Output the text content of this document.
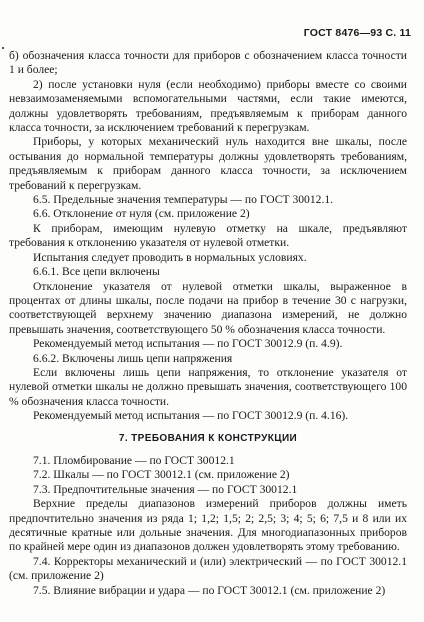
ГОСТ 8476—93 С. 11

б) обозначения класса точности для приборов с обозначением класса точности 1 и более;

2) после установки нуля (если необходимо) приборы вместе со своими невзаимозаменяемыми вспомогательными частями, если такие имеются, должны удовлетворять требованиям, предъявляемым к приборам данного класса точности, за исключением требований к перегрузкам.

Приборы, у которых механический нуль находится вне шкалы, после остывания до нормальной температуры должны удовлетворять требованиям, предъявляемым к приборам данного класса точности, за исключением требований к перегрузкам.

6.5. Предельные значения температуры — по ГОСТ 30012.1.

6.6. Отклонение от нуля (см. приложение 2)

К приборам, имеющим нулевую отметку на шкале, предъявляют требования к отклонению указателя от нулевой отметки.

Испытания следует проводить в нормальных условиях.

6.6.1. Все цепи включены

Отклонение указателя от нулевой отметки шкалы, выраженное в процентах от длины шкалы, после подачи на прибор в течение 30 с нагрузки, соответствующей верхнему значению диапазона измерений, не должно превышать значения, соответствующего 50 % обозначения класса точности.

Рекомендуемый метод испытания — по ГОСТ 30012.9 (п. 4.9).

6.6.2. Включены лишь цепи напряжения

Если включены лишь цепи напряжения, то отклонение указателя от нулевой отметки шкалы не должно превышать значения, соответствующего 100 % обозначения класса точности.

Рекомендуемый метод испытания — по ГОСТ 30012.9 (п. 4.16).

7. ТРЕБОВАНИЯ К КОНСТРУКЦИИ

7.1. Пломбирование — по ГОСТ 30012.1

7.2. Шкалы — по ГОСТ 30012.1 (см. приложение 2)

7.3. Предпочтительные значения — по ГОСТ 30012.1

Верхние пределы диапазонов измерений приборов должны иметь предпочтительно значения из ряда 1; 1,2; 1,5; 2; 2,5; 3; 4; 5; 6; 7,5 и 8 или их десятичные кратные или дольные значения. Для многодиапазонных приборов по крайней мере один из диапазонов должен удовлетворять этому требованию.

7.4. Корректоры механический и (или) электрический — по ГОСТ 30012.1 (см. приложение 2)

7.5. Влияние вибрации и удара — по ГОСТ 30012.1 (см. приложение 2)
